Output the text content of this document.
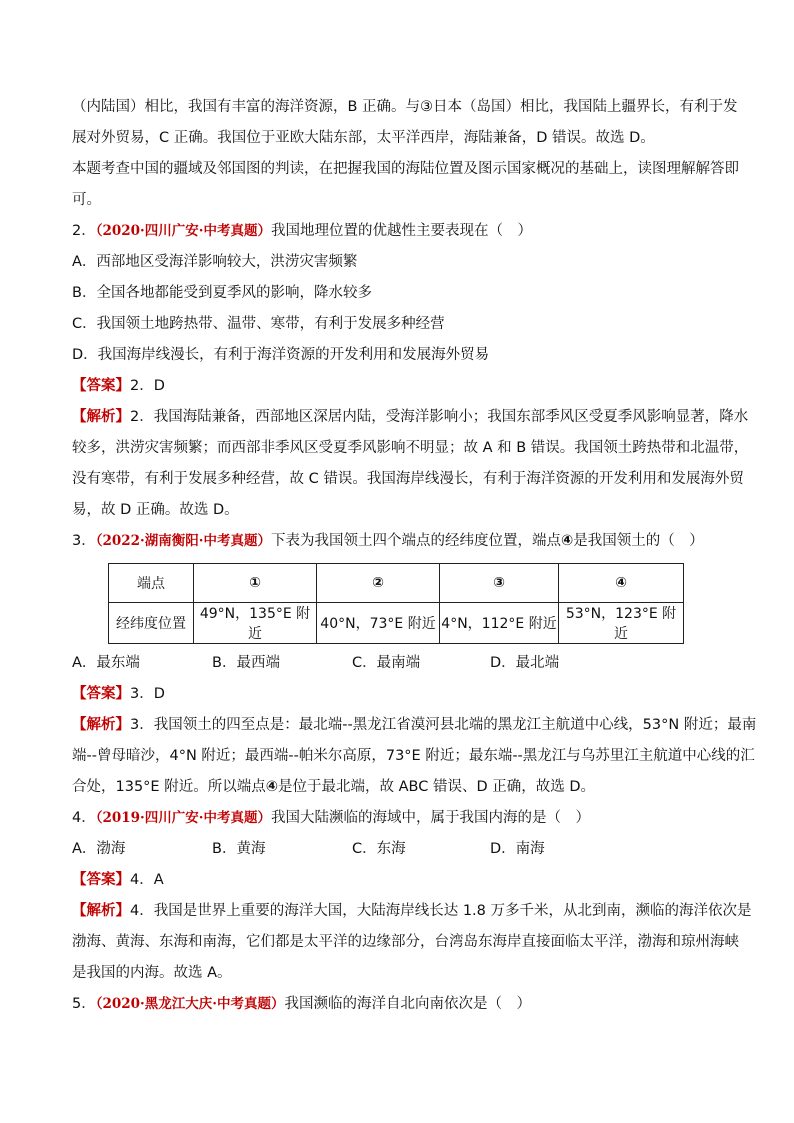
（内陆国）相比，我国有丰富的海洋资源，B 正确。与③日本（岛国）相比，我国陆上疆界长，有利于发

展对外贸易，C 正确。我国位于亚欧大陆东部，太平洋西岸，海陆兼备，D 错误。故选 D。

本题考查中国的疆域及邻国图的判读，在把握我国的海陆位置及图示国家概况的基础上，读图理解解答即

可。

2．（2020·四川广安·中考真题）我国地理位置的优越性主要表现在（　）

A．西部地区受海洋影响较大，洪涝灾害频繁

B．全国各地都能受到夏季风的影响，降水较多

C．我国领土地跨热带、温带、寒带，有利于发展多种经营

D．我国海岸线漫长，有利于海洋资源的开发利用和发展海外贸易

【答案】2．D

【解析】2．我国海陆兼备，西部地区深居内陆，受海洋影响小；我国东部季风区受夏季风影响显著，降水

较多，洪涝灾害频繁；而西部非季风区受夏季风影响不明显；故 A 和 B 错误。我国领土跨热带和北温带，

没有寒带，有利于发展多种经营，故 C 错误。我国海岸线漫长，有利于海洋资源的开发利用和发展海外贸

易，故 D 正确。故选 D。

3．（2022·湖南衡阳·中考真题）下表为我国领土四个端点的经纬度位置，端点④是我国领土的（　）

端点	①	②	③	④
经纬度位置	49°N，135°E 附近	40°N，73°E 附近	4°N，112°E 附近	53°N，123°E 附近
A．最东端	B．最西端	C．最南端	D．最北端

【答案】3．D

【解析】3．我国领土的四至点是：最北端--黑龙江省漠河县北端的黑龙江主航道中心线，53°N 附近；最南

端--曾母暗沙，4°N 附近；最西端--帕米尔高原，73°E 附近；最东端--黑龙江与乌苏里江主航道中心线的汇

合处，135°E 附近。所以端点④是位于最北端，故 ABC 错误、D 正确，故选 D。

4．（2019·四川广安·中考真题）我国大陆濒临的海域中，属于我国内海的是（　）

A．渤海	B．黄海	C．东海	D．南海

【答案】4．A

【解析】4．我国是世界上重要的海洋大国，大陆海岸线长达 1.8 万多千米，从北到南，濒临的海洋依次是

渤海、黄海、东海和南海，它们都是太平洋的边缘部分，台湾岛东海岸直接面临太平洋，渤海和琼州海峡

是我国的内海。故选 A。

5．（2020·黑龙江大庆·中考真题）我国濒临的海洋自北向南依次是（　）
